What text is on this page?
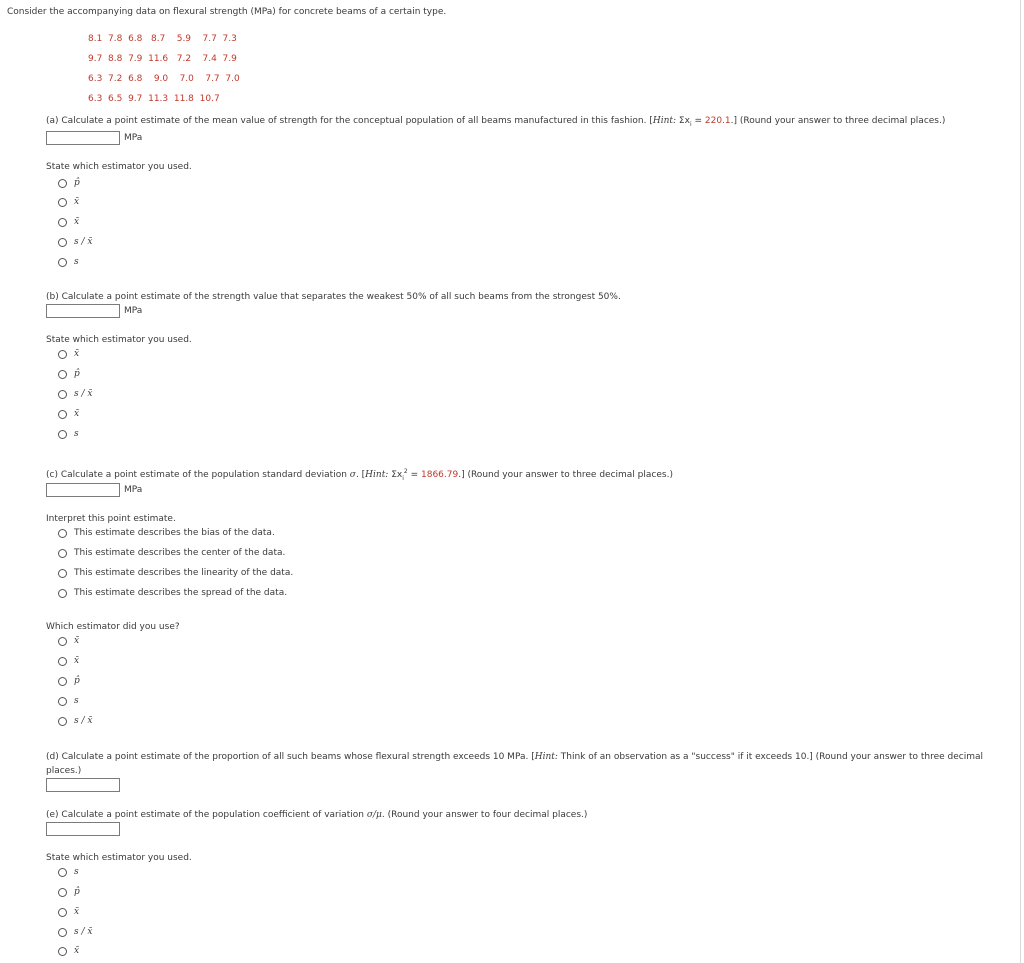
Consider the accompanying data on flexural strength (MPa) for concrete beams of a certain type.
8.1  7.8  6.8   8.7    5.9    7.7  7.3
9.7  8.8  7.9  11.6   7.2    7.4  7.9
6.3  7.2  6.8    9.0    7.0    7.7  7.0
6.3  6.5  9.7  11.3  11.8  10.7
(a) Calculate a point estimate of the mean value of strength for the conceptual population of all beams manufactured in this fashion. [Hint: $\Sigma x_i = 220.1$.] (Round your answer to three decimal places.)
MPa
State which estimator you used.
p̂
x̄
x̃
s / x̄
s
(b) Calculate a point estimate of the strength value that separates the weakest 50% of all such beams from the strongest 50%.
MPa
State which estimator you used.
x̄
p̂
s / x̄
x̃
s
(c) Calculate a point estimate of the population standard deviation σ. [Hint: $\Sigma x_i^2 = 1866.79$.] (Round your answer to three decimal places.)
MPa
Interpret this point estimate.
This estimate describes the bias of the data.
This estimate describes the center of the data.
This estimate describes the linearity of the data.
This estimate describes the spread of the data.
Which estimator did you use?
x̃
x̄
p̂
s
s / x̄
(d) Calculate a point estimate of the proportion of all such beams whose flexural strength exceeds 10 MPa. [Hint: Think of an observation as a "success" if it exceeds 10.] (Round your answer to three decimal places.)
(e) Calculate a point estimate of the population coefficient of variation σ/μ. (Round your answer to four decimal places.)
State which estimator you used.
s
p̂
x̄
s / x̄
x̃
